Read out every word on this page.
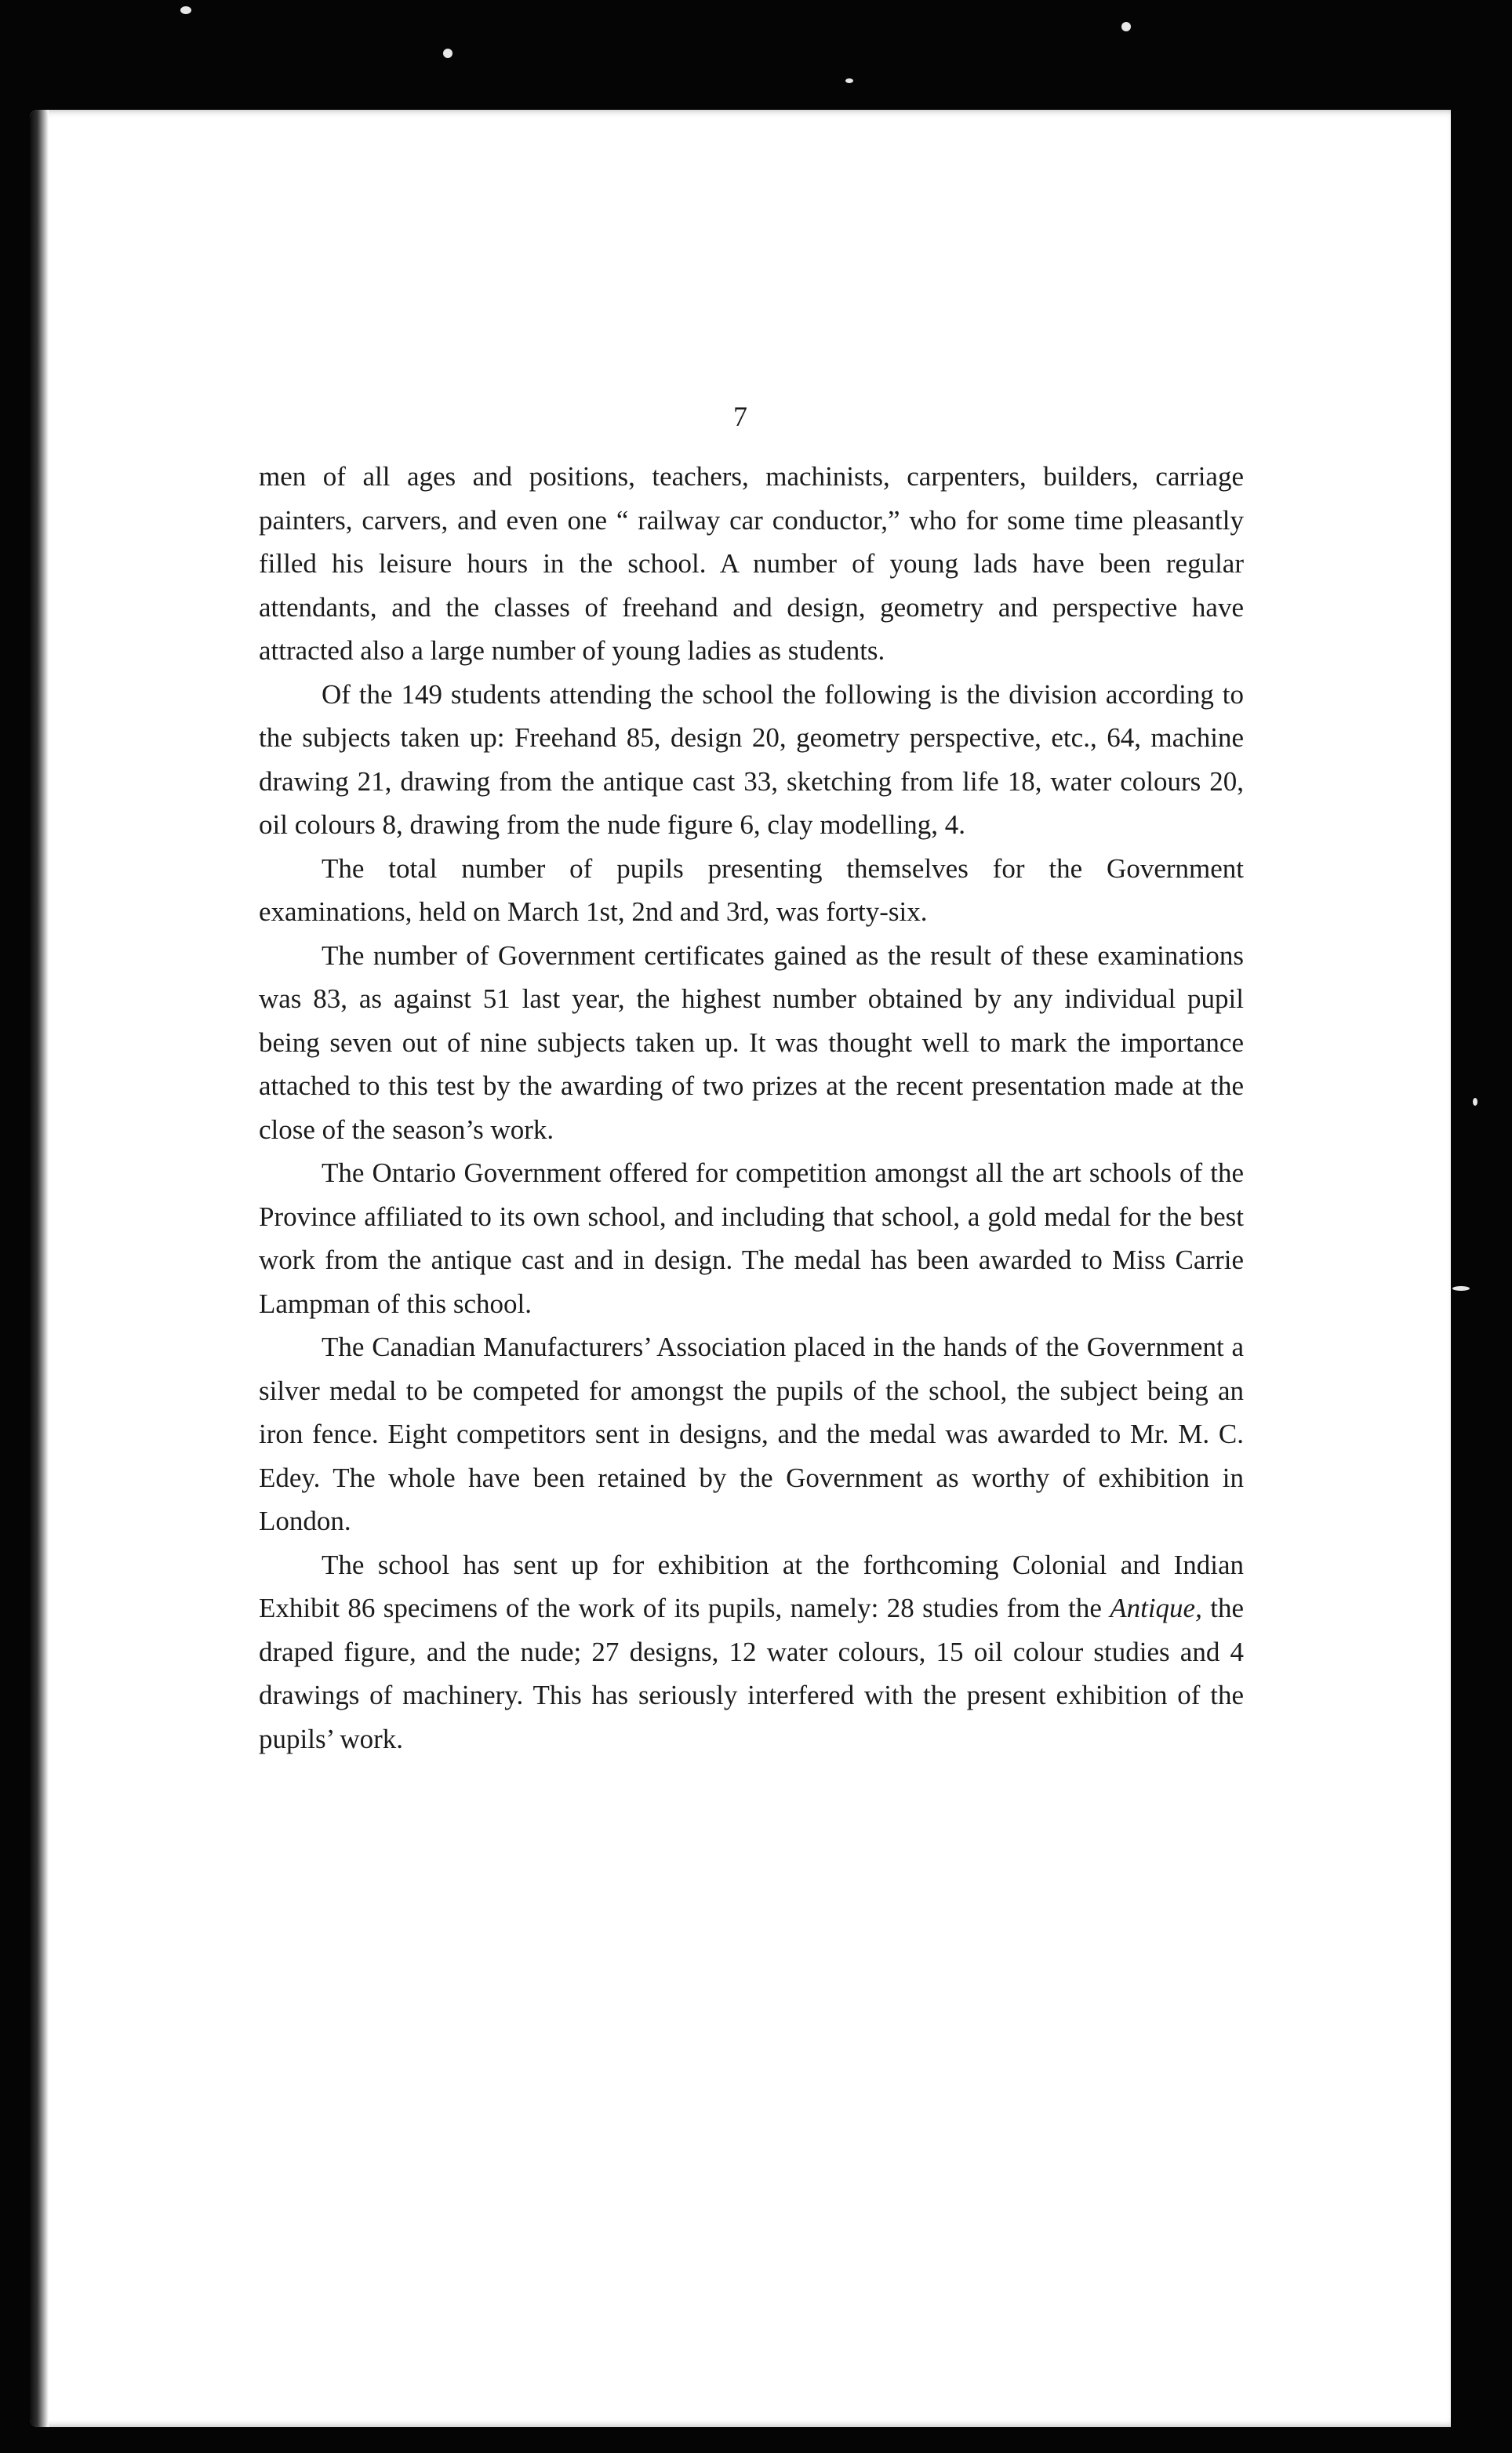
7

men of all ages and positions, teachers, machinists, carpenters, builders, carriage painters, carvers, and even one “ railway car conductor,” who for some time pleasantly filled his leisure hours in the school. A number of young lads have been regular attendants, and the classes of freehand and design, geometry and perspective have attracted also a large number of young ladies as students.

Of the 149 students attending the school the following is the division according to the subjects taken up: Freehand 85, design 20, geometry perspective, etc., 64, machine drawing 21, drawing from the antique cast 33, sketching from life 18, water colours 20, oil colours 8, drawing from the nude figure 6, clay modelling, 4.

The total number of pupils presenting themselves for the Government examinations, held on March 1st, 2nd and 3rd, was forty-six.

The number of Government certificates gained as the result of these examinations was 83, as against 51 last year, the highest number obtained by any individual pupil being seven out of nine subjects taken up. It was thought well to mark the importance attached to this test by the awarding of two prizes at the recent presentation made at the close of the season’s work.

The Ontario Government offered for competition amongst all the art schools of the Province affiliated to its own school, and including that school, a gold medal for the best work from the antique cast and in design. The medal has been awarded to Miss Carrie Lampman of this school.

The Canadian Manufacturers’ Association placed in the hands of the Government a silver medal to be competed for amongst the pupils of the school, the subject being an iron fence. Eight competitors sent in designs, and the medal was awarded to Mr. M. C. Edey. The whole have been retained by the Government as worthy of exhibition in London.

The school has sent up for exhibition at the forthcoming Colonial and Indian Exhibit 86 specimens of the work of its pupils, namely: 28 studies from the Antique, the draped figure, and the nude; 27 designs, 12 water colours, 15 oil colour studies and 4 drawings of machinery. This has seriously interfered with the present exhibition of the pupils’ work.
